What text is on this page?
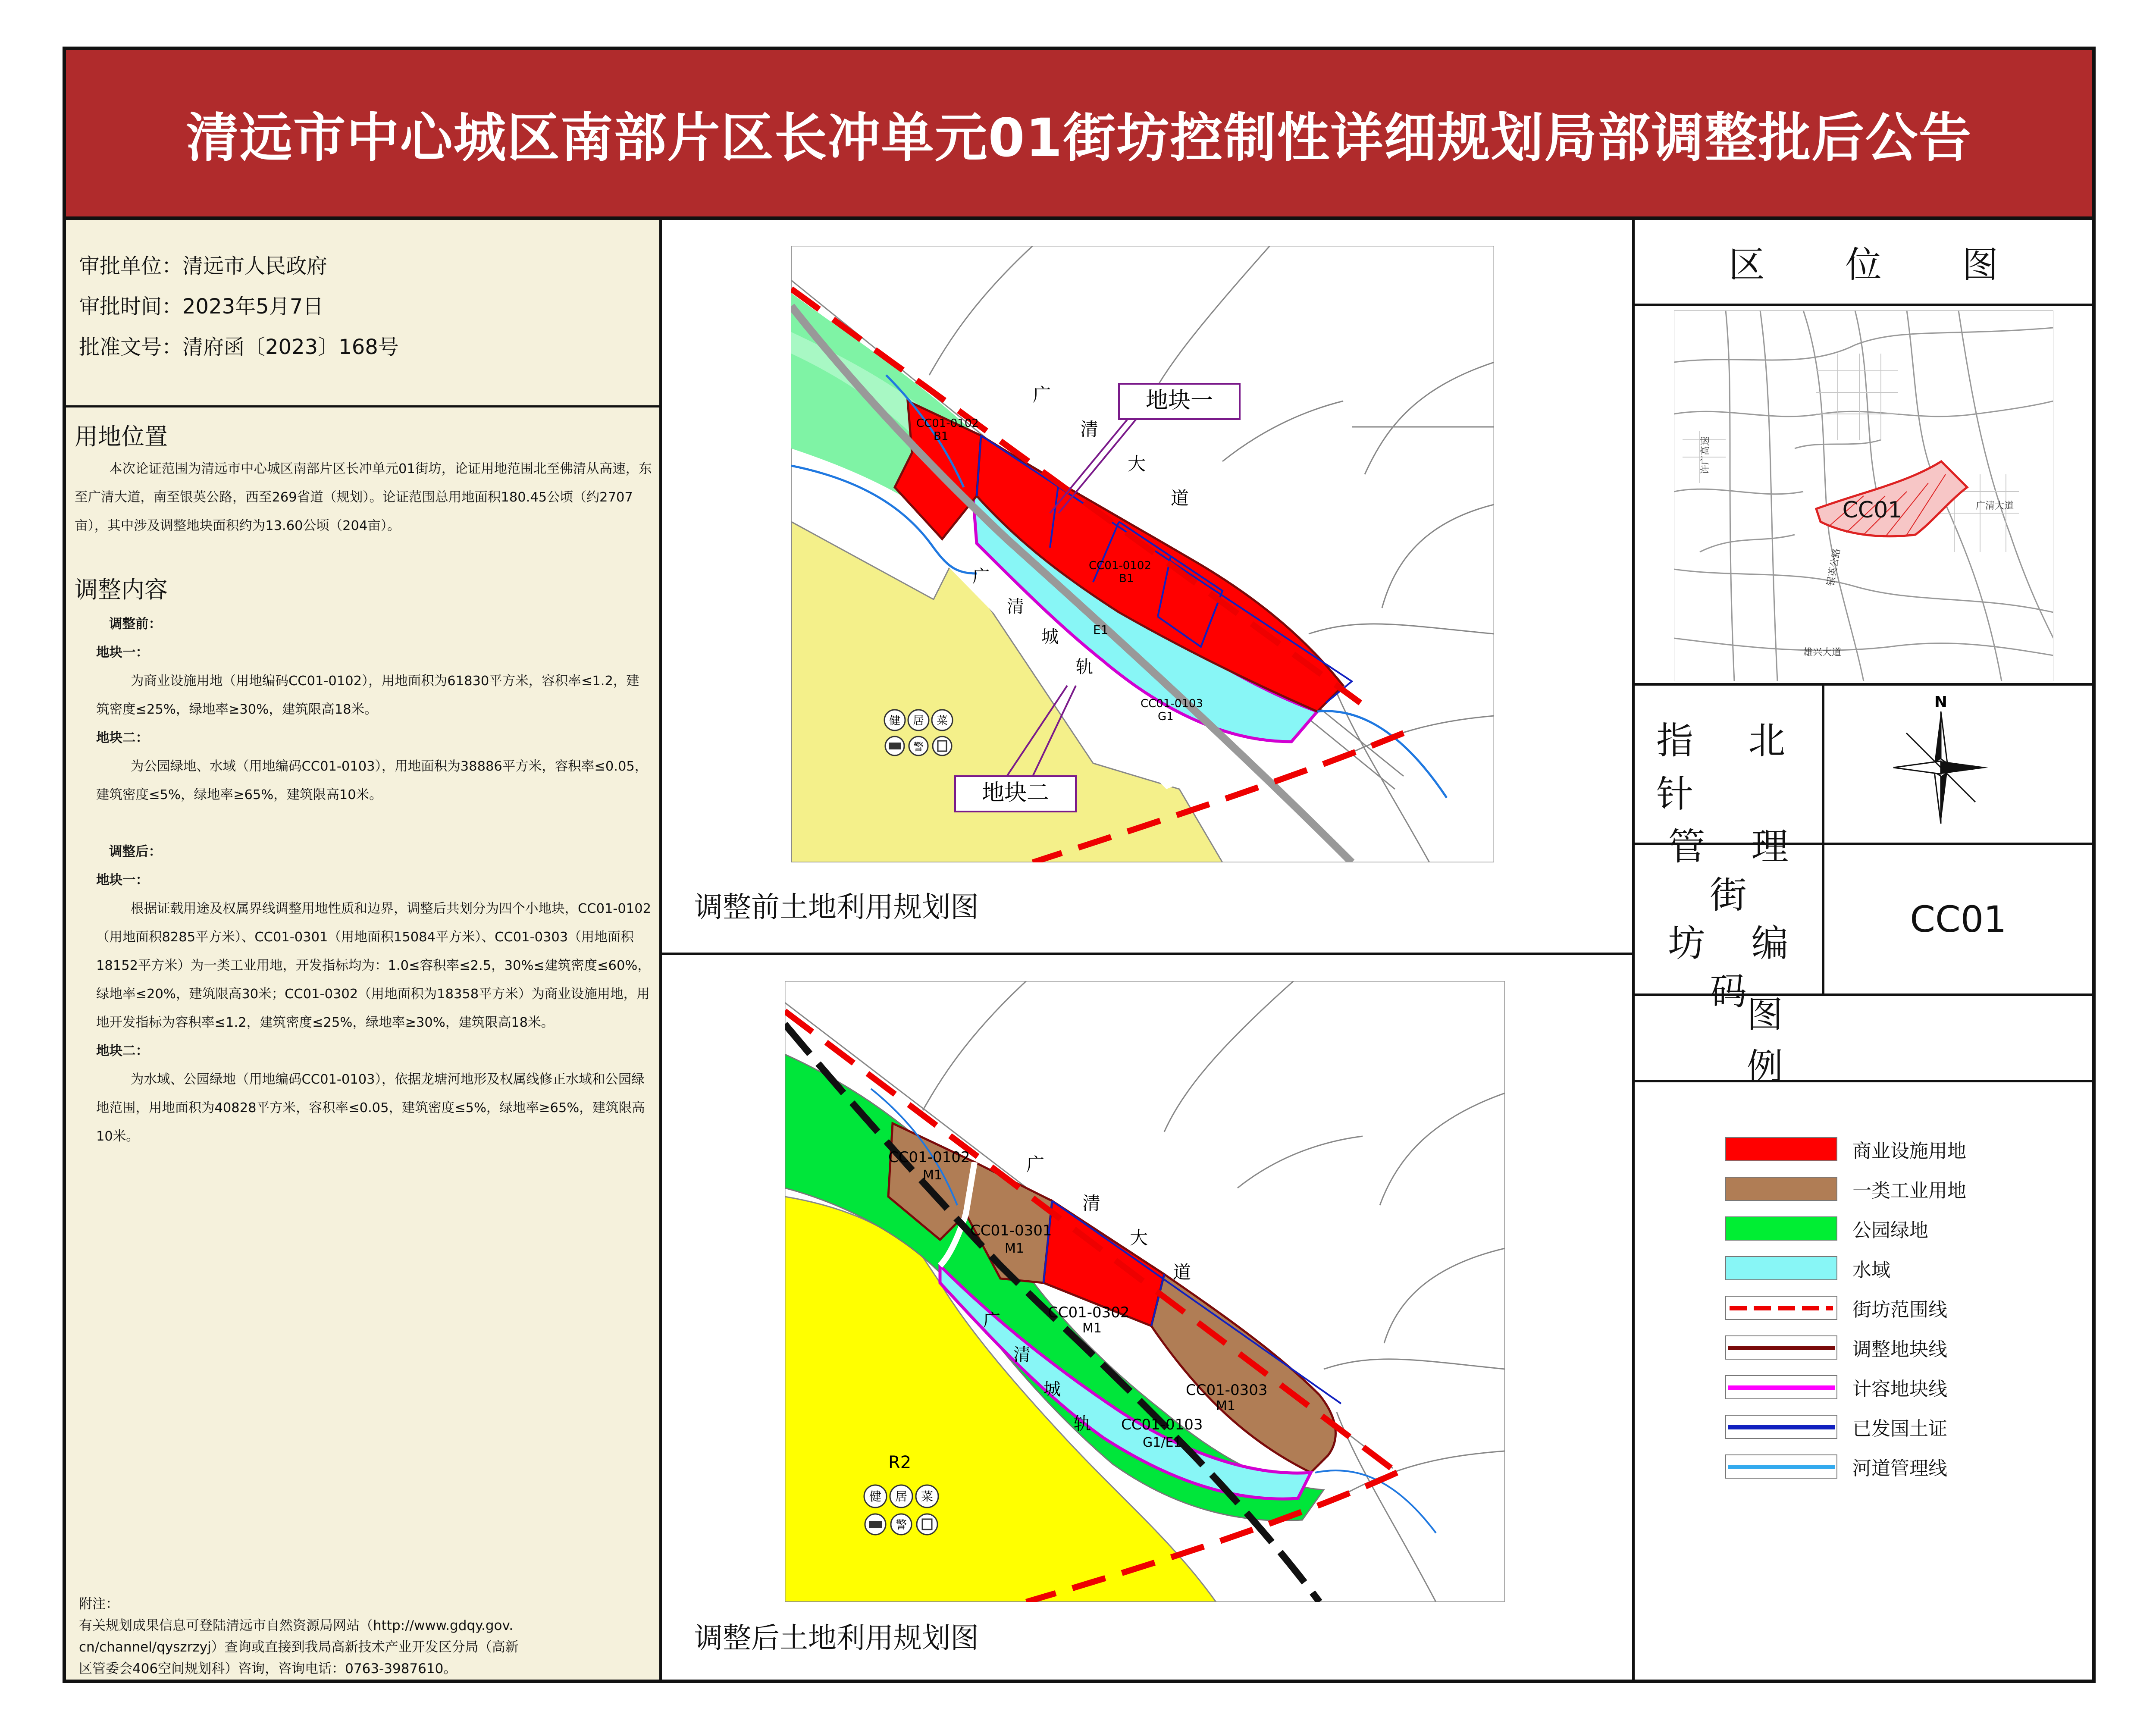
清远市中心城区南部片区长冲单元01街坊控制性详细规划局部调整批后公告
审批单位：清远市人民政府
审批时间：2023年5月7日
批准文号：清府函〔2023〕168号
用地位置

本次论证范围为清远市中心城区南部片区长冲单元01街坊，论证用地范围北至佛清从高速，东至广清大道，南至银英公路，西至269省道（规划）。论证范围总用地面积180.45公顷（约2707亩），其中涉及调整地块面积约为13.60公顷（204亩）。

调整内容

调整前：

地块一：

为商业设施用地（用地编码CC01-0102），用地面积为61830平方米，容积率≤1.2，建筑密度≤25%，绿地率≥30%，建筑限高18米。

地块二：

为公园绿地、水域（用地编码CC01-0103），用地面积为38886平方米，容积率≤0.05，建筑密度≤5%，绿地率≥65%，建筑限高10米。

调整后：

地块一：

根据证载用途及权属界线调整用地性质和边界，调整后共划分为四个小地块，CC01-0102（用地面积8285平方米）、CC01-0301（用地面积15084平方米）、CC01-0303（用地面积18152平方米）为一类工业用地，开发指标均为：1.0≤容积率≤2.5，30%≤建筑密度≤60%，绿地率≤20%，建筑限高30米；CC01-0302（用地面积为18358平方米）为商业设施用地，用地开发指标为容积率≤1.2，建筑密度≤25%，绿地率≥30%，建筑限高18米。

地块二：

为水域、公园绿地（用地编码CC01-0103），依据龙塘河地形及权属线修正水域和公园绿地范围，用地面积为40828平方米，容积率≤0.05，建筑密度≤5%，绿地率≥65%，建筑限高10米。

附注：
有关规划成果信息可登陆清远市自然资源局网站（http://www.gdqy.gov.
cn/channel/qyszrzyj）查询或直接到我局高新技术产业开发区分局（高新
区管委会406空间规划科）咨询，咨询电话：0763-3987610。
广
清
大
道
广
清
城
轨
CC01-0102
B1
CC01-0102
B1
E1
CC01-0103
G1
健 居 菜
警
地块一
地块二
调整前土地利用规划图
广
清
大
道
广
清
城
轨
CC01-0102
M1
CC01-0301
M1
CC01-0302
M1
CC01-0303
M1
CC01-0103
G1/E1
R2
健 居 菜
警
调整后土地利用规划图
区 位 图
CC01
许广高速
广清大道
银英公路
雄兴大道
指 北 针
N
管 理 街
坊 编 码
CC01
图 例
商业设施用地
一类工业用地
公园绿地
水域
街坊范围线
调整地块线
计容地块线
已发国土证
河道管理线
